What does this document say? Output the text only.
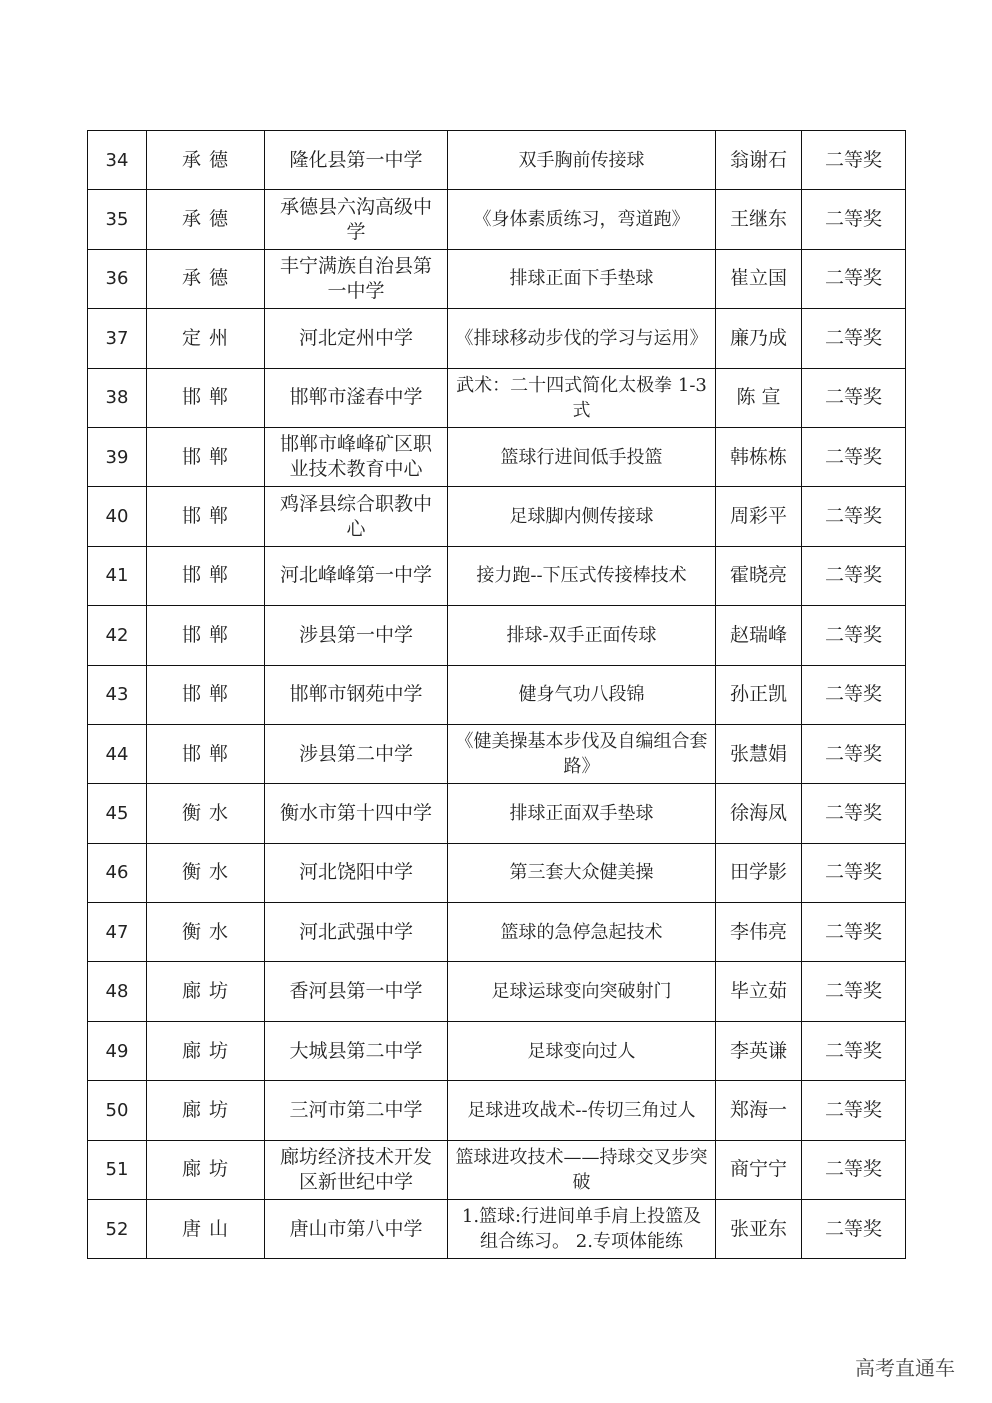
34	承 德	隆化县第一中学	双手胸前传接球	翁谢石	二等奖
35	承 德	承德县六沟高级中学	《身体素质练习，弯道跑》	王继东	二等奖
36	承 德	丰宁满族自治县第一中学	排球正面下手垫球	崔立国	二等奖
37	定 州	河北定州中学	《排球移动步伐的学习与运用》	廉乃成	二等奖
38	邯 郸	邯郸市滏春中学	武术：二十四式简化太极拳 1-3 式	陈 宣	二等奖
39	邯 郸	邯郸市峰峰矿区职业技术教育中心	篮球行进间低手投篮	韩栋栋	二等奖
40	邯 郸	鸡泽县综合职教中心	足球脚内侧传接球	周彩平	二等奖
41	邯 郸	河北峰峰第一中学	接力跑--下压式传接棒技术	霍晓亮	二等奖
42	邯 郸	涉县第一中学	排球-双手正面传球	赵瑞峰	二等奖
43	邯 郸	邯郸市钢苑中学	健身气功八段锦	孙正凯	二等奖
44	邯 郸	涉县第二中学	《健美操基本步伐及自编组合套路》	张慧娟	二等奖
45	衡 水	衡水市第十四中学	排球正面双手垫球	徐海凤	二等奖
46	衡 水	河北饶阳中学	第三套大众健美操	田学影	二等奖
47	衡 水	河北武强中学	篮球的急停急起技术	李伟亮	二等奖
48	廊 坊	香河县第一中学	足球运球变向突破射门	毕立茹	二等奖
49	廊 坊	大城县第二中学	足球变向过人	李英谦	二等奖
50	廊 坊	三河市第二中学	足球进攻战术--传切三角过人	郑海一	二等奖
51	廊 坊	廊坊经济技术开发区新世纪中学	篮球进攻技术——持球交叉步突破	商宁宁	二等奖
52	唐 山	唐山市第八中学	1.篮球:行进间单手肩上投篮及组合练习。 2.专项体能练	张亚东	二等奖
高考直通车
